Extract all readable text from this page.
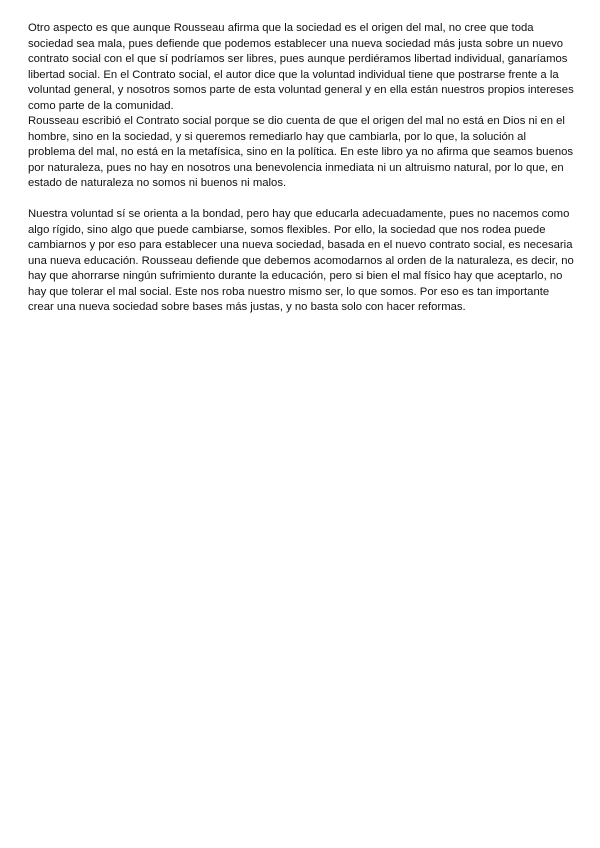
Otro aspecto es que aunque Rousseau afirma que la sociedad es el origen del mal, no cree que toda sociedad sea mala, pues defiende que podemos establecer una nueva sociedad más justa sobre un nuevo contrato social con el que sí podríamos ser libres, pues aunque perdiéramos libertad individual, ganaríamos libertad social. En el Contrato social, el autor dice que la voluntad individual tiene que postrarse frente a la voluntad general, y nosotros somos parte de esta voluntad general y en ella están nuestros propios intereses como parte de la comunidad.

Rousseau escribió el Contrato social porque se dio cuenta de que el origen del mal no está en Dios ni en el hombre, sino en la sociedad, y si queremos remediarlo hay que cambiarla, por lo que, la solución al problema del mal, no está en la metafísica, sino en la política. En este libro ya no afirma que seamos buenos por naturaleza, pues no hay en nosotros una benevolencia inmediata ni un altruismo natural, por lo que, en estado de naturaleza no somos ni buenos ni malos.

Nuestra voluntad sí se orienta a la bondad, pero hay que educarla adecuadamente, pues no nacemos como algo rígido, sino algo que puede cambiarse, somos flexibles. Por ello, la sociedad que nos rodea puede cambiarnos y por eso para establecer una nueva sociedad, basada en el nuevo contrato social, es necesaria una nueva educación. Rousseau defiende que debemos acomodarnos al orden de la naturaleza, es decir, no hay que ahorrarse ningún sufrimiento durante la educación, pero si bien el mal físico hay que aceptarlo, no hay que tolerar el mal social. Este nos roba nuestro mismo ser, lo que somos. Por eso es tan importante crear una nueva sociedad sobre bases más justas, y no basta solo con hacer reformas.
